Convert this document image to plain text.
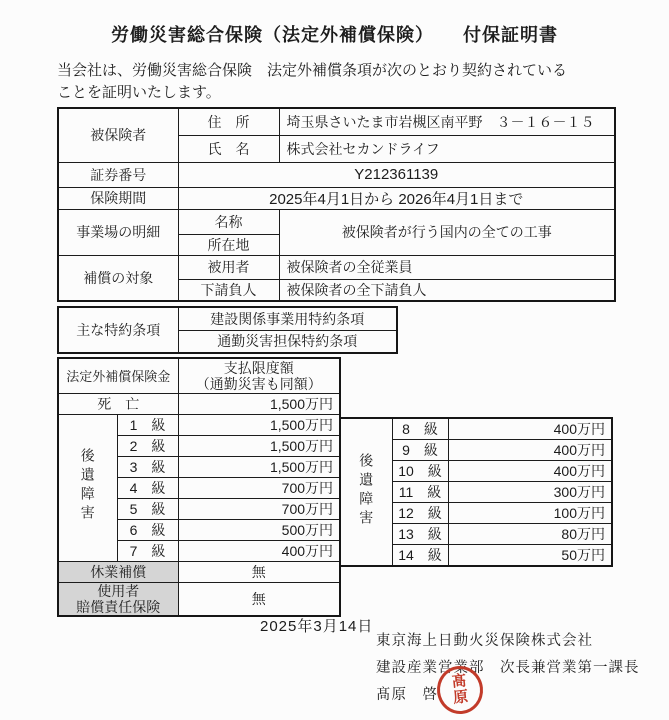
労働災害総合保険（法定外補償保険）　　付保証明書
当会社は、労働災害総合保険　法定外補償条項が次のとおり契約されている
ことを証明いたします。
被保険者	住　所	埼玉県さいたま市岩槻区南平野　３－１６－１５
	氏　名	株式会社セカンドライフ
証券番号	Y212361139	
保険期間	2025年4月1日から 2026年4月1日まで	
事業場の明細	名称	被保険者が行う国内の全ての工事
	所在地	
補償の対象	被用者	被保険者の全従業員
	下請負人	被保険者の全下請負人
主な特約条項	建設関係事業用特約条項
通勤災害担保特約条項
法定外補償保険金		支払限度額
（通勤災害も同額）

死　亡		1,500万円
後遺障害	1　級	1,500万円
	2　級	1,500万円
	3　級	1,500万円
	4　級	700万円
	5　級	700万円
	6　級	500万円
	7　級	400万円
休業補償		無

使用者
賠償責任保険		無
後遺障害	8　級	400万円
	9　級	400万円
	10　級	400万円
	11　級	300万円
	12　級	100万円
	13　級	80万円
	14　級	50万円
2025年3月14日
東京海上日動火災保険株式会社
建設産業営業部　次長兼営業第一課長
髙原　啓
髙
原
